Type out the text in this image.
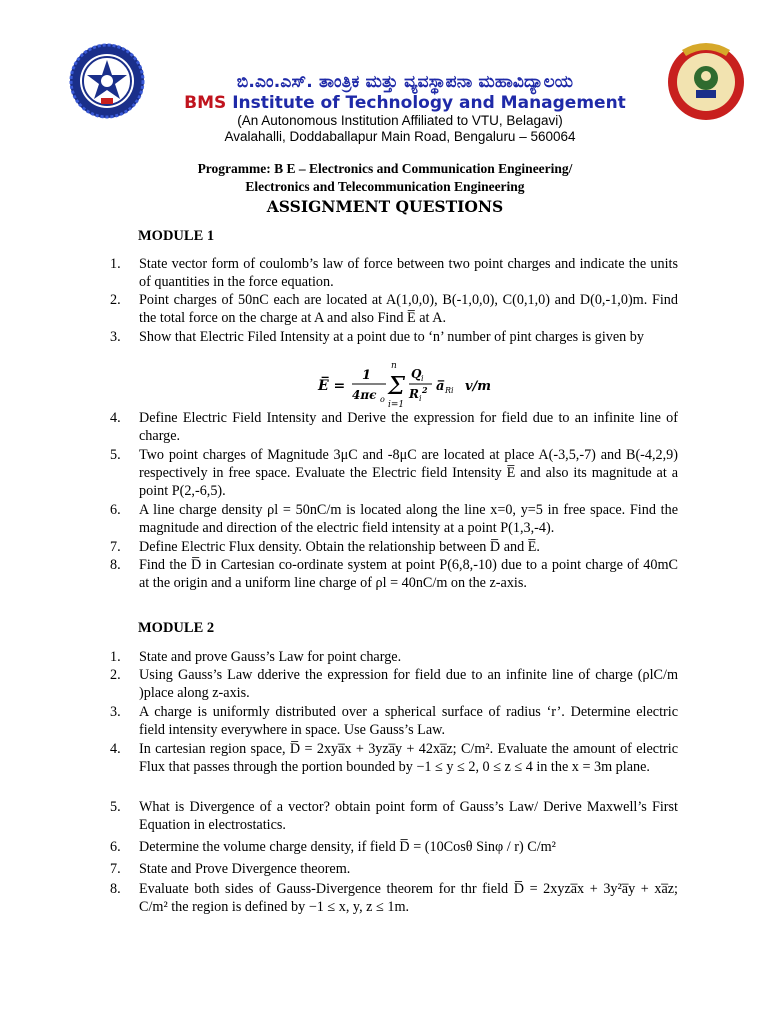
ಬಿ.ಎಂ.ಎಸ್. ತಾಂತ್ರಿಕ ಮತ್ತು ವ್ಯವಸ್ಥಾಪನಾ ಮಹಾವಿದ್ಯಾಲಯ
BMS Institute of Technology and Management
(An Autonomous Institution Affiliated to VTU, Belagavi)
Avalahalli, Doddaballapur Main Road, Bengaluru – 560064
Programme: B E – Electronics and Communication Engineering/
Electronics and Telecommunication Engineering
ASSIGNMENT QUESTIONS
MODULE 1
1.	State vector form of coulomb’s law of force between two point charges and indicate the units of quantities in the force equation.
2.	Point charges of 50nC each are located at A(1,0,0), B(-1,0,0), C(0,1,0) and D(0,-1,0)m. Find the total force on the charge at A and also Find E̅ at A.
3.	Show that Electric Filed Intensity at a point due to ‘n’ number of pint charges is given by
E̅ =
1
4πϵ o
n
Σ
i=1
Q i
R i
2 a̅ Ri v/m
4.	Define Electric Field Intensity and Derive the expression for field due to an infinite line of charge.
5.	Two point charges of Magnitude 3μC and -8μC are located at place A(-3,5,-7) and B(-4,2,9) respectively in free space. Evaluate the Electric field Intensity E̅ and also its magnitude at a point P(2,-6,5).
6.	A line charge density ρl = 50nC/m is located along the line x=0, y=5 in free space. Find the magnitude and direction of the electric field intensity at a point P(1,3,-4).
7.	Define Electric Flux density. Obtain the relationship between D̅ and E̅.
8.	Find the D̅ in Cartesian co-ordinate system at point P(6,8,-10) due to a point charge of 40mC at the origin and a uniform line charge of ρl = 40nC/m on the z-axis.
MODULE 2
1.	State and prove Gauss’s Law for point charge.
2.	Using Gauss’s Law dderive the expression for field due to an infinite line of charge (ρlC/m )place along z-axis.
3.	A charge is uniformly distributed over a spherical surface of radius ‘r’. Determine electric field intensity everywhere in space. Use Gauss’s Law.
4.	In cartesian region space, D̅ = 2xya̅x + 3yza̅y + 42xa̅z; C/m². Evaluate the amount of electric Flux that passes through the portion bounded by −1 ≤ y ≤ 2, 0 ≤ z ≤ 4 in the x = 3m plane.
5.	What is Divergence of a vector? obtain point form of Gauss’s Law/ Derive Maxwell’s First Equation in electrostatics.
6.	Determine the volume charge density, if field D̅ = (10Cosθ Sinφ / r) C/m²
7.	State and Prove Divergence theorem.
8.	Evaluate both sides of Gauss-Divergence theorem for thr field D̅ = 2xyza̅x + 3y²a̅y + xa̅z; C/m² the region is defined by −1 ≤ x, y, z ≤ 1m.
